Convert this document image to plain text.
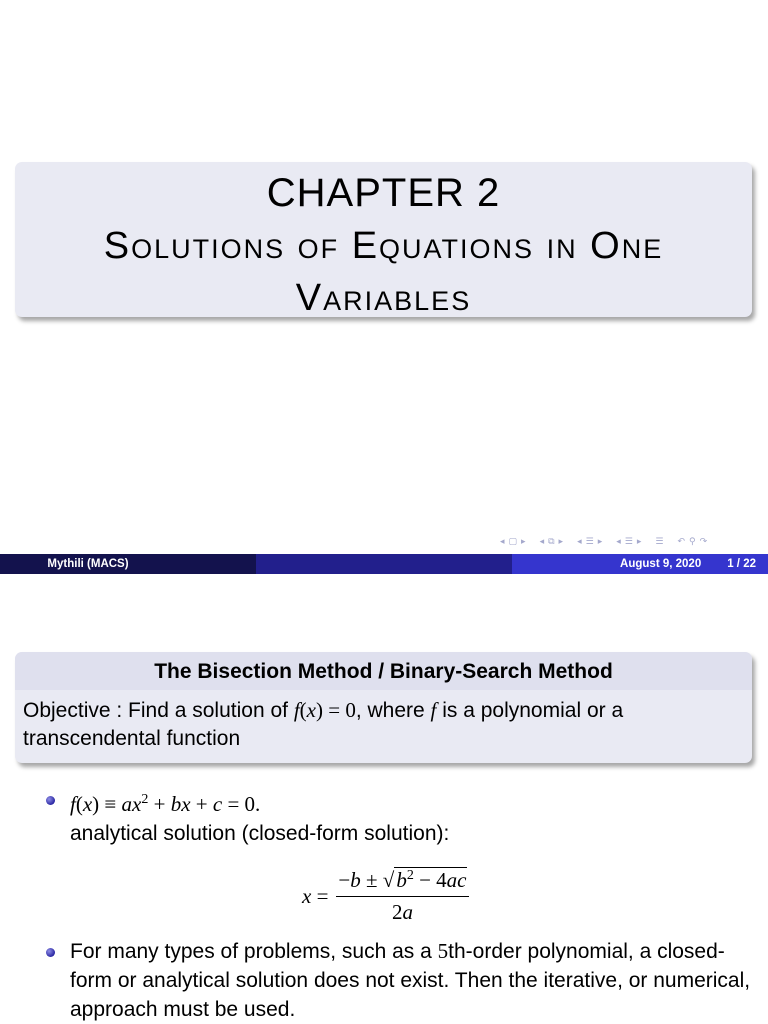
CHAPTER 2
Solutions of Equations in One
Variables
◂ ▢ ▸ ◂ ⧉ ▸ ◂ ☰ ▸ ◂ ☰ ▸ ☰ ↶ ⚲ ↷
Mythili (MACS)	August 9, 2020 1 / 22
The Bisection Method / Binary-Search Method
Objective : Find a solution of f(x) = 0, where f is a polynomial or a
transcendental function
$f(x) \equiv ax^2$ + bx + c = 0.
analytical solution (closed-form solution):
$x = \frac{-b \pm √b^2 - 4ac}{2a}$
For many types of problems, such as a 5th-order polynomial, a closed-form or analytical solution does not exist. Then the iterative, or numerical, approach must be used.
